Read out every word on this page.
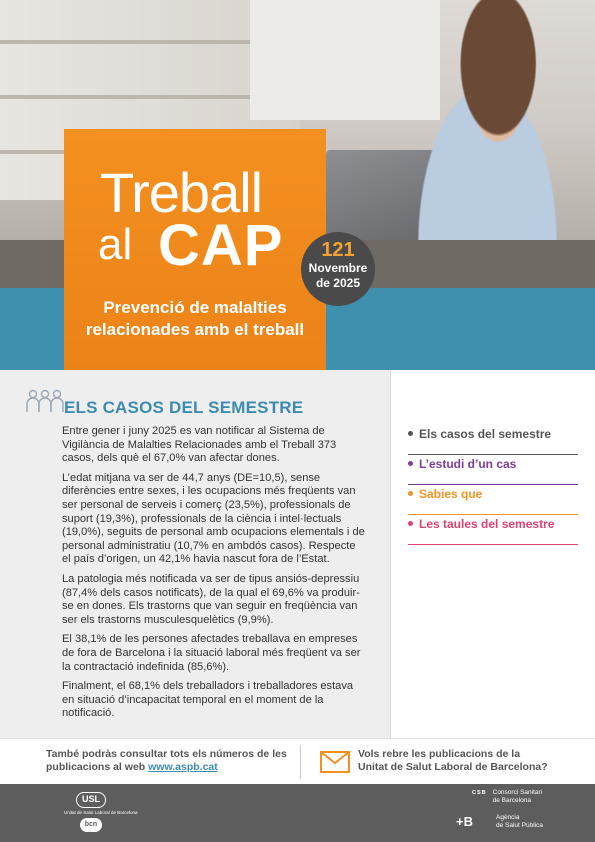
Treball
al CAP
Prevenció de malalties
relacionades amb el treball
121
Novembre
de 2025
ELS CASOS DEL SEMESTRE

Entre gener i juny 2025 es van notificar al Sistema de Vigilància de Malalties Relacionades amb el Treball 373 casos, dels què el 67,0% van afectar dones.

L’edat mitjana va ser de 44,7 anys (DE=10,5), sense diferències entre sexes, i les ocupacions més freqüents van ser personal de serveis i comerç (23,5%), professionals de suport (19,3%), professionals de la ciència i intel·lectuals (19,0%), seguits de personal amb ocupacions elementals i de personal administratiu (10,7% en ambdós casos). Respecte el país d’origen, un 42,1% havia nascut fora de l’Estat.

La patologia més notificada va ser de tipus ansiós-depressiu (87,4% dels casos notificats), de la qual el 69,6% va produir-se en dones. Els trastorns que van seguir en freqüència van ser els trastorns musculesquelètics (9,9%).

El 38,1% de les persones afectades treballava en empreses de fora de Barcelona i la situació laboral més freqüent va ser la contractació indefinida (85,6%).

Finalment, el 68,1% dels treballadors i treballadores estava en situació d’incapacitat temporal en el moment de la notificació.

Els casos del semestre
L’estudi d’un cas
Sabies que
Les taules del semestre
També podràs consultar tots els números de les publicacions al web www.aspb.cat
Vols rebre les publicacions de la
Unitat de Salut Laboral de Barcelona?
USL
Unitat de Salut Laboral de Barcelona
bcn
CSB Consorci Sanitari
de Barcelona
+B	Agència
de Salut Pública
